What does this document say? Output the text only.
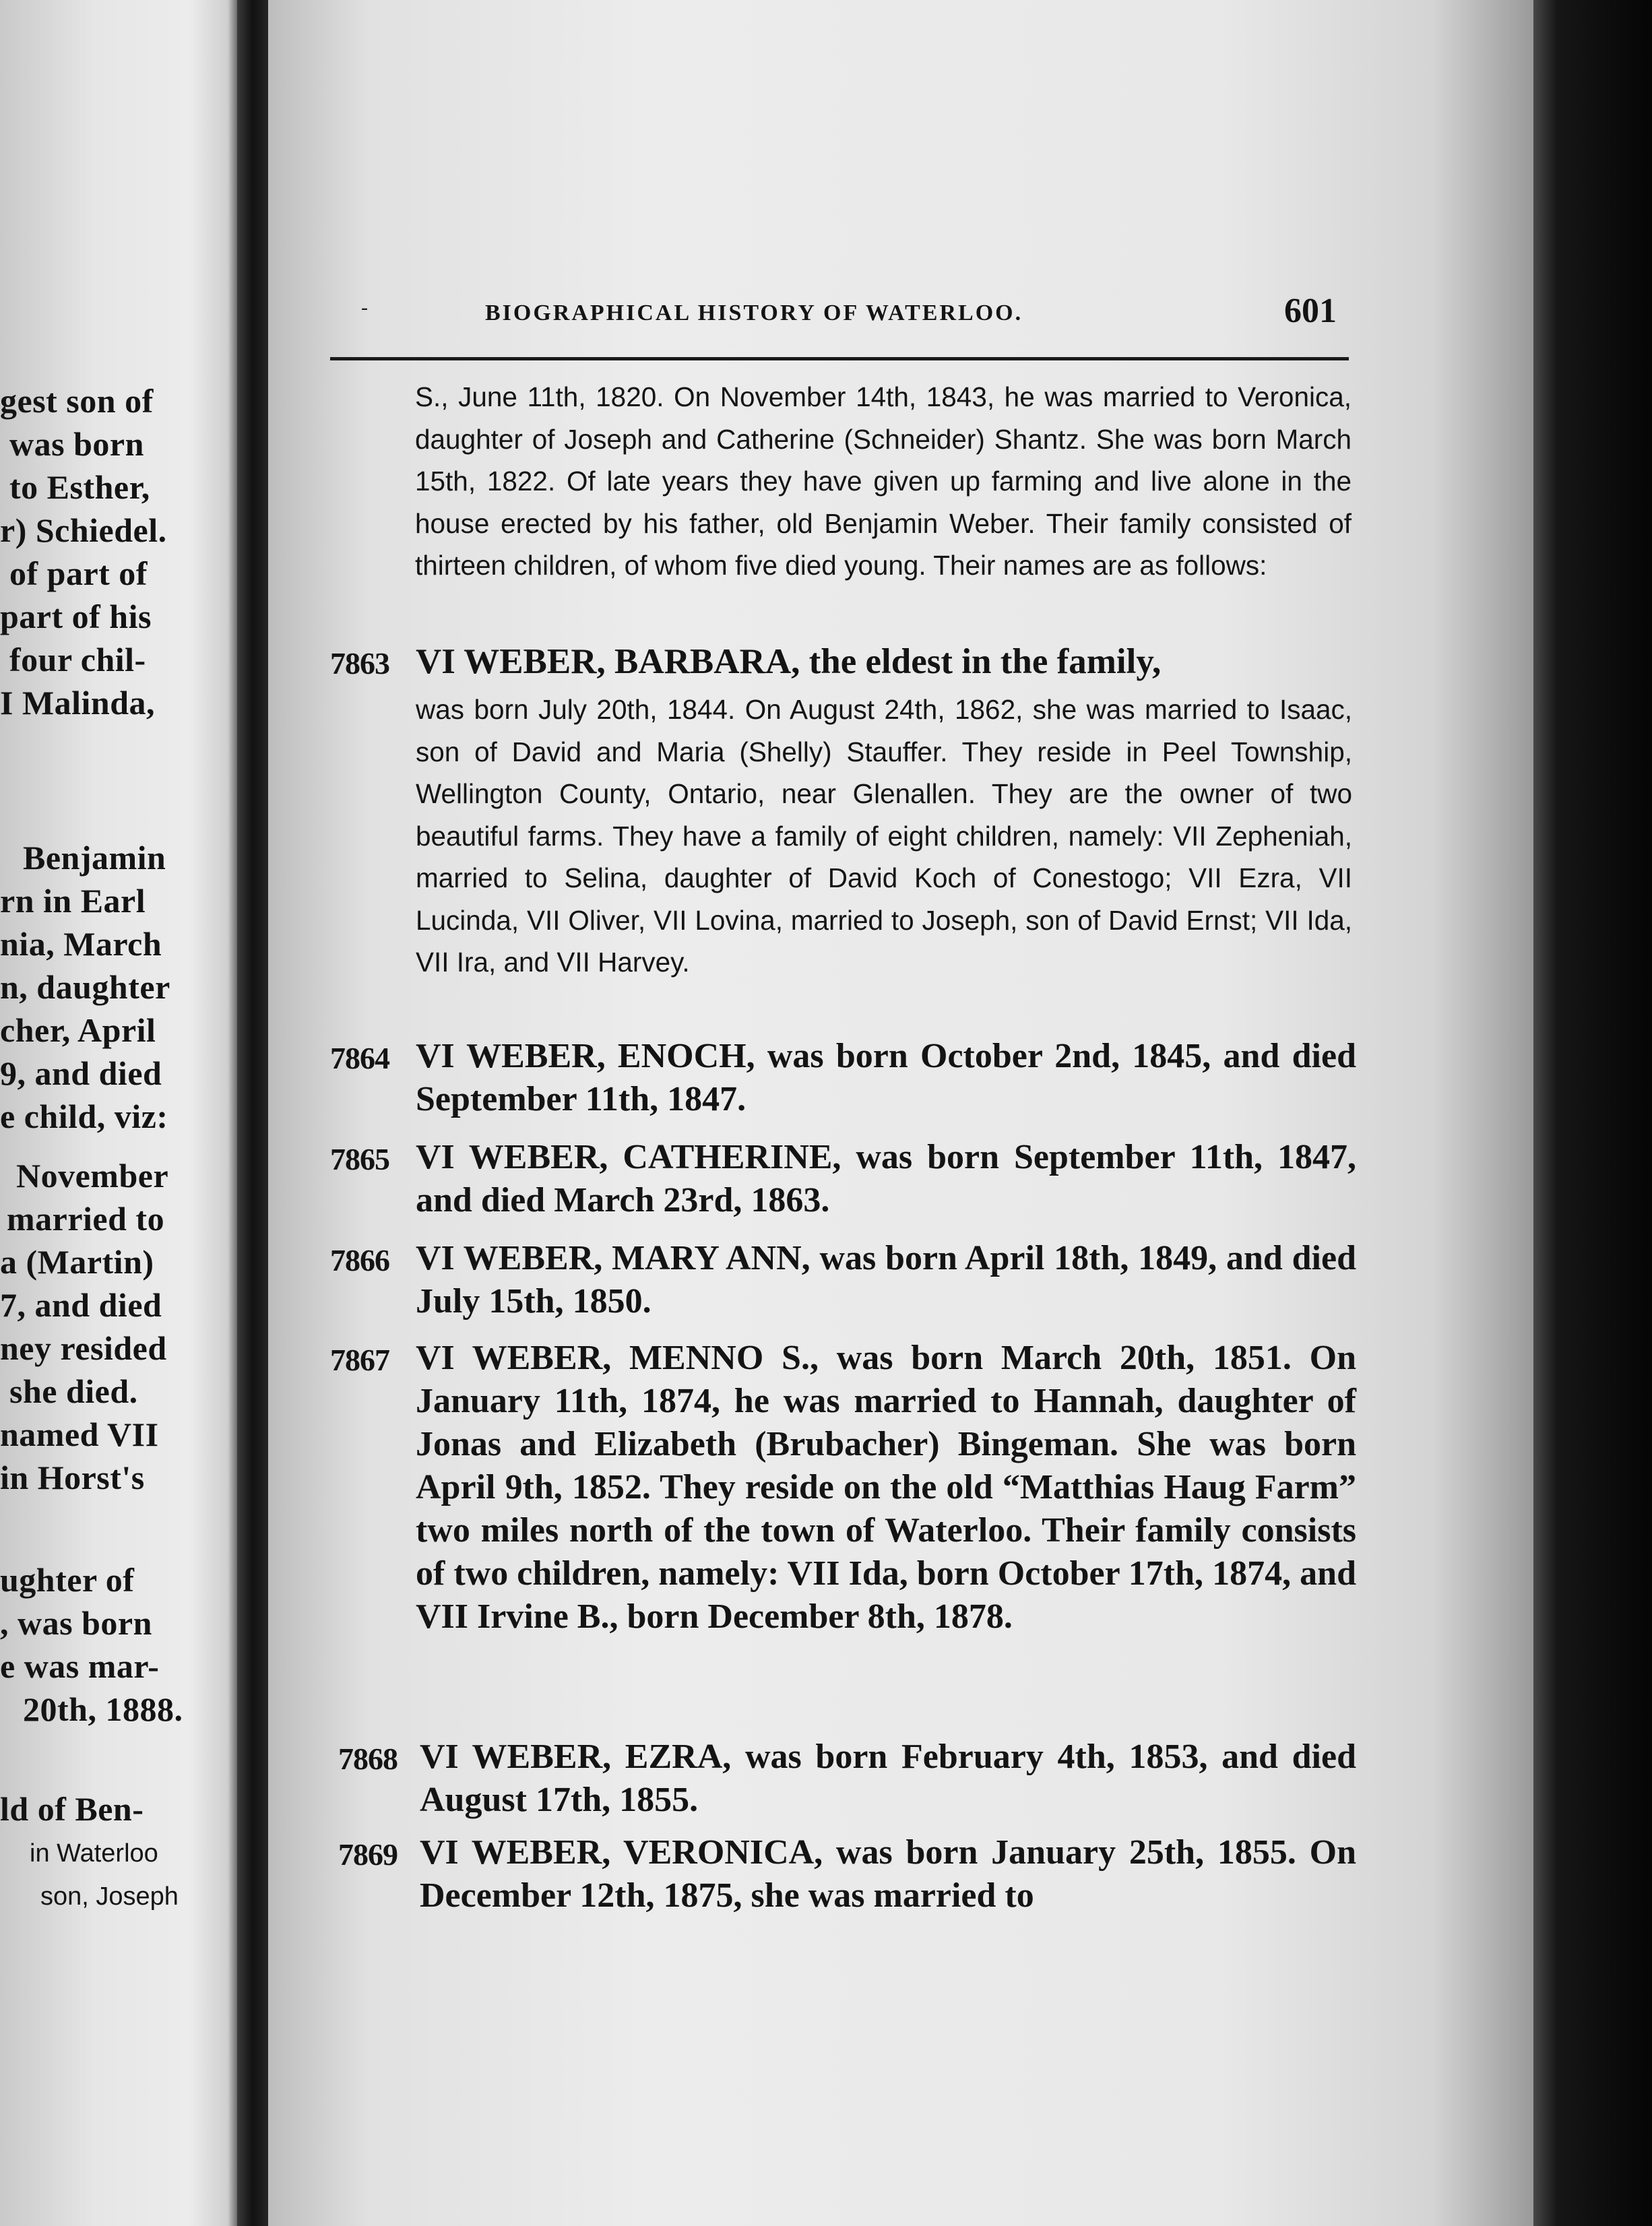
gest son of
was born
to Esther,
r) Schiedel.
of part of
part of his
four chil-
I Malinda,
Benjamin
rn in Earl
nia, March
n, daughter
cher, April
9, and died
e child, viz:
November
married to
a (Martin)
7, and died
ney resided
she died.
named VII
in Horst's
ughter of
, was born
e was mar-
20th, 1888.
ld of Ben-
in Waterloo
son, Joseph
-	BIOGRAPHICAL HISTORY OF WATERLOO.	601

S., June 11th, 1820. On November 14th, 1843, he was married to Veronica, daughter of Joseph and Catherine (Schneider) Shantz. She was born March 15th, 1822. Of late years they have given up farming and live alone in the house erected by his father, old Benjamin Weber. Their family consisted of thirteen children, of whom five died young. Their names are as follows:

7863 VI WEBER, BARBARA, the eldest in the family,

was born July 20th, 1844. On August 24th, 1862, she was married to Isaac, son of David and Maria (Shelly) Stauffer. They reside in Peel Township, Wellington County, Ontario, near Glenallen. They are the owner of two beautiful farms. They have a family of eight children, namely: VII Zepheniah, married to Selina, daughter of David Koch of Conestogo; VII Ezra, VII Lucinda, VII Oliver, VII Lovina, married to Joseph, son of David Ernst; VII Ida, VII Ira, and VII Harvey.

7864 VI WEBER, ENOCH, was born October 2nd, 1845, and died September 11th, 1847.

7865 VI WEBER, CATHERINE, was born September 11th, 1847, and died March 23rd, 1863.

7866 VI WEBER, MARY ANN, was born April 18th, 1849, and died July 15th, 1850.

7867 VI WEBER, MENNO S., was born March 20th, 1851. On January 11th, 1874, he was married to Hannah, daughter of Jonas and Elizabeth (Brubacher) Bingeman. She was born April 9th, 1852. They reside on the old “Matthias Haug Farm” two miles north of the town of Waterloo. Their family consists of two children, namely: VII Ida, born October 17th, 1874, and VII Irvine B., born December 8th, 1878.

7868 VI WEBER, EZRA, was born February 4th, 1853, and died August 17th, 1855.

7869 VI WEBER, VERONICA, was born January 25th, 1855. On December 12th, 1875, she was married to
